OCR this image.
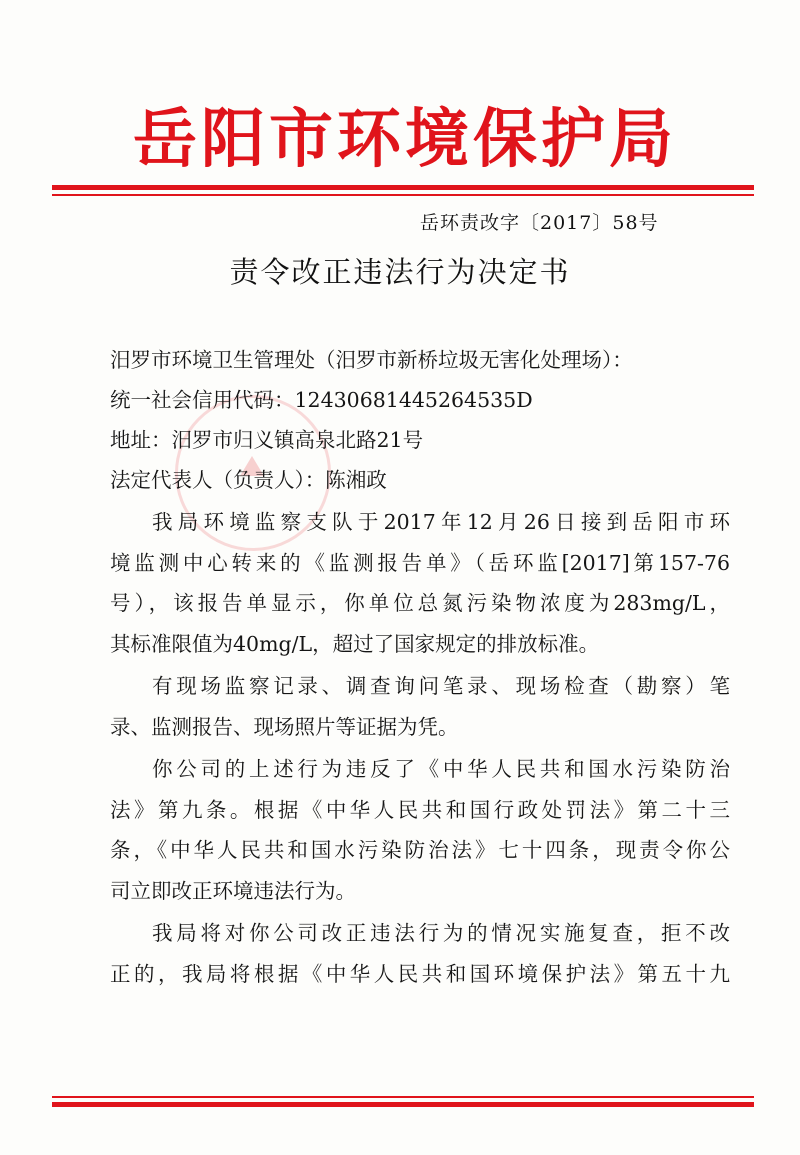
岳阳市环境保护局
岳环责改字〔2017〕58号
责令改正违法行为决定书
汨罗市环境卫生管理处（汨罗市新桥垃圾无害化处理场）：
统一社会信用代码：12430681445264535D
地址：汨罗市归义镇高泉北路21号
法定代表人（负责人）：陈湘政
我局环境监察支队于2017年12月26日接到岳阳市环
境监测中心转来的《监测报告单》（岳环监[2017]第157-76
号），该报告单显示，你单位总氮污染物浓度为283mg/L，
其标准限值为40mg/L，超过了国家规定的排放标准。
有现场监察记录、调查询问笔录、现场检查（勘察）笔
录、监测报告、现场照片等证据为凭。
你公司的上述行为违反了《中华人民共和国水污染防治
法》第九条。根据《中华人民共和国行政处罚法》第二十三
条，《中华人民共和国水污染防治法》七十四条，现责令你公
司立即改正环境违法行为。
我局将对你公司改正违法行为的情况实施复查，拒不改
正的，我局将根据《中华人民共和国环境保护法》第五十九
